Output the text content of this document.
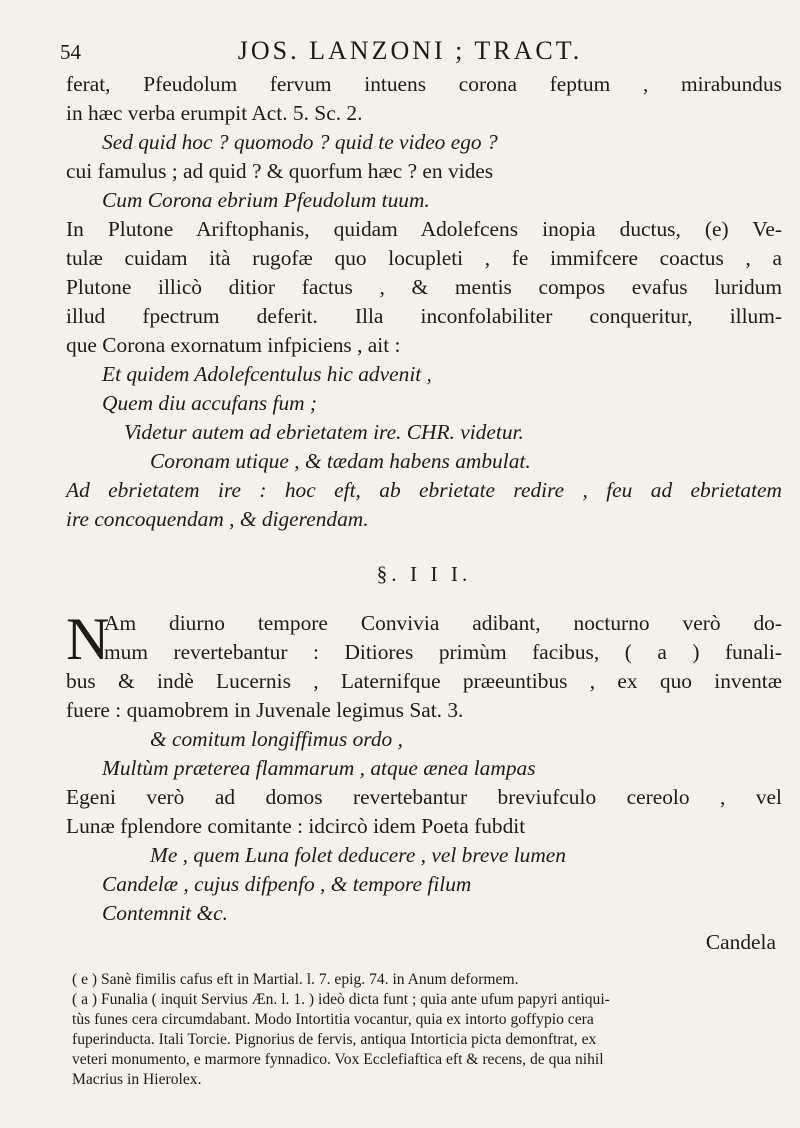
54	JOS. LANZONI ; TRACT.
ferat, Pfeudolum fervum intuens corona feptum , mirabundus
in hæc verba erumpit Act. 5. Sc. 2.
Sed quid hoc ? quomodo ? quid te video ego ?
cui famulus ; ad quid ? & quorfum hæc ? en vides
Cum Corona ebrium Pfeudolum tuum.
In Plutone Ariftophanis, quidam Adolefcens inopia ductus, (e) Ve-
tulæ cuidam ità rugofæ quo locupleti , fe immifcere coactus , a
Plutone illicò ditior factus , & mentis compos evafus luridum
illud fpectrum deferit. Illa inconfolabiliter conqueritur, illum-
que Corona exornatum infpiciens , ait :
Et quidem Adolefcentulus hic advenit ,
Quem diu accufans fum ;
Videtur autem ad ebrietatem ire. CHR. videtur.
Coronam utique , & tædam habens ambulat.
Ad ebrietatem ire : hoc eft, ab ebrietate redire , feu ad ebrietatem
ire concoquendam , & digerendam.
§. I I I.
N
Am diurno tempore Convivia adibant, nocturno verò do-
mum revertebantur : Ditiores primùm facibus, ( a ) funali-
bus & indè Lucernis , Laternifque præeuntibus , ex quo inventæ
fuere : quamobrem in Juvenale legimus Sat. 3.
& comitum longiffimus ordo ,
Multùm præterea flammarum , atque ænea lampas
Egeni verò ad domos revertebantur breviufculo cereolo , vel
Lunæ fplendore comitante : idcircò idem Poeta fubdit
Me , quem Luna folet deducere , vel breve lumen
Candelæ , cujus difpenfo , & tempore filum
Contemnit &c.
Candela
( e ) Sanè fimilis cafus eft in Martial. l. 7. epig. 74. in Anum deformem.
( a ) Funalia ( inquit Servius Æn. l. 1. ) ideò dicta funt ; quia ante ufum papyri antiqui-
tùs funes cera circumdabant. Modo Intortitia vocantur, quia ex intorto goffypio cera
fuperinducta. Itali Torcie. Pignorius de fervis, antiqua Intorticia picta demonftrat, ex
veteri monumento, e marmore fynnadico. Vox Ecclefiaftica eft & recens, de qua nihil
Macrius in Hierolex.
